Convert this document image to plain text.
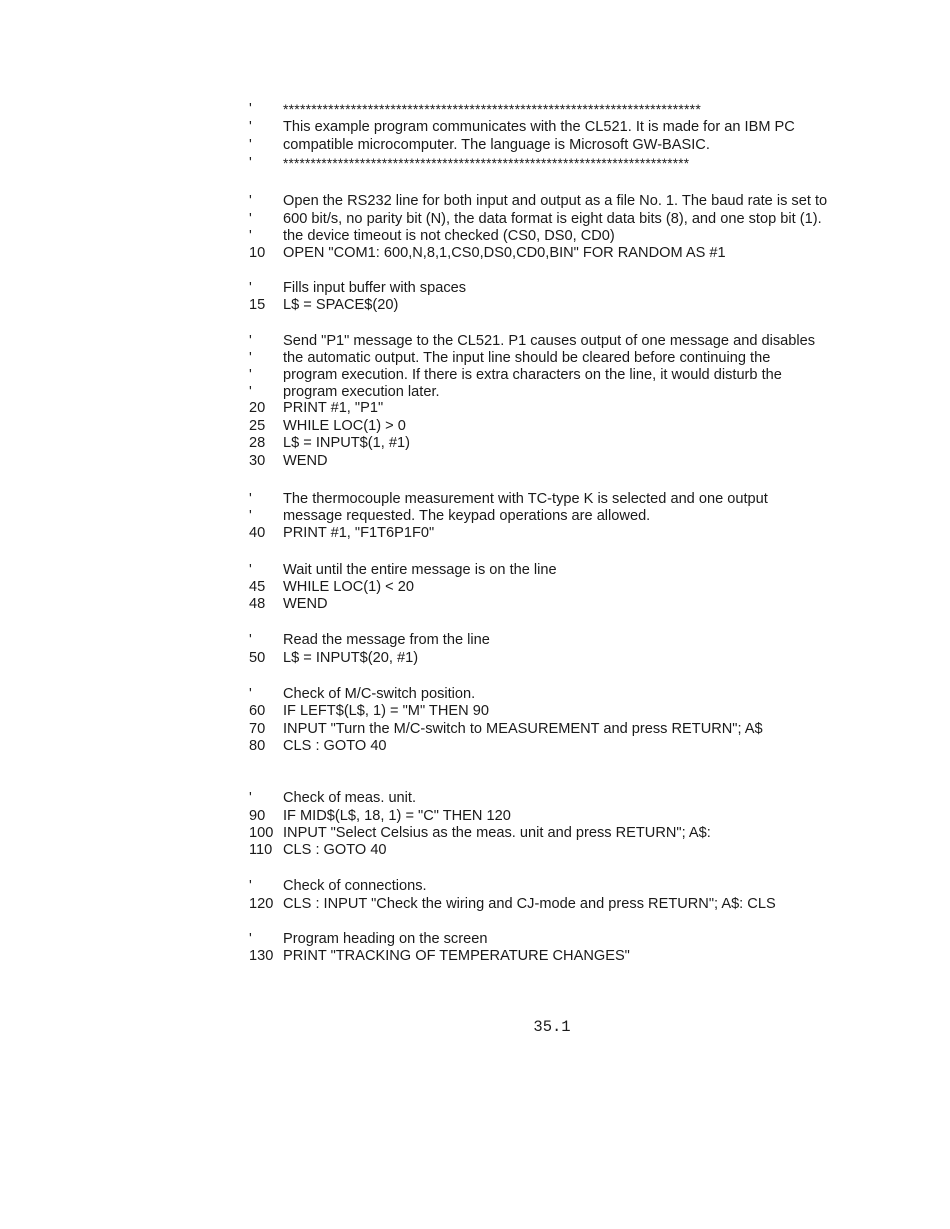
35.1
' **************************************************************************
' This example program communicates with the CL521. It is made for an IBM PC
' compatible microcomputer. The language is Microsoft GW-BASIC.
' **************************************************************************
' Open the RS232 line for both input and output as a file No. 1. The baud rate is set to
' 600 bit/s, no parity bit (N), the data format is eight data bits (8), and one stop bit (1).
' the device timeout is not checked (CS0, DS0, CD0)
10 OPEN "COM1: 600,N,8,1,CS0,DS0,CD0,BIN" FOR RANDOM AS #1
' Fills input buffer with spaces
15 L$ = SPACE$(20)
' Send "P1" message to the CL521. P1 causes output of one message and disables
' the automatic output. The input line should be cleared before continuing the
' program execution. If there is extra characters on the line, it would disturb the
' program execution later.
20 PRINT #1, "P1"
25 WHILE LOC(1) > 0
28 L$ = INPUT$(1, #1)
30 WEND
' The thermocouple measurement with TC-type K is selected and one output
' message requested. The keypad operations are allowed.
40 PRINT #1, "F1T6P1F0"
' Wait until the entire message is on the line
45 WHILE LOC(1) < 20
48 WEND
' Read the message from the line
50 L$ = INPUT$(20, #1)
' Check of M/C-switch position.
60 IF LEFT$(L$, 1) = "M" THEN 90
70 INPUT "Turn the M/C-switch to MEASUREMENT and press RETURN"; A$
80 CLS : GOTO 40
' Check of meas. unit.
90 IF MID$(L$, 18, 1) = "C" THEN 120
100 INPUT "Select Celsius as the meas. unit and press RETURN"; A$:
110 CLS : GOTO 40
' Check of connections.
120 CLS : INPUT "Check the wiring and CJ-mode and press RETURN"; A$: CLS
' Program heading on the screen
130 PRINT "TRACKING OF TEMPERATURE CHANGES"
